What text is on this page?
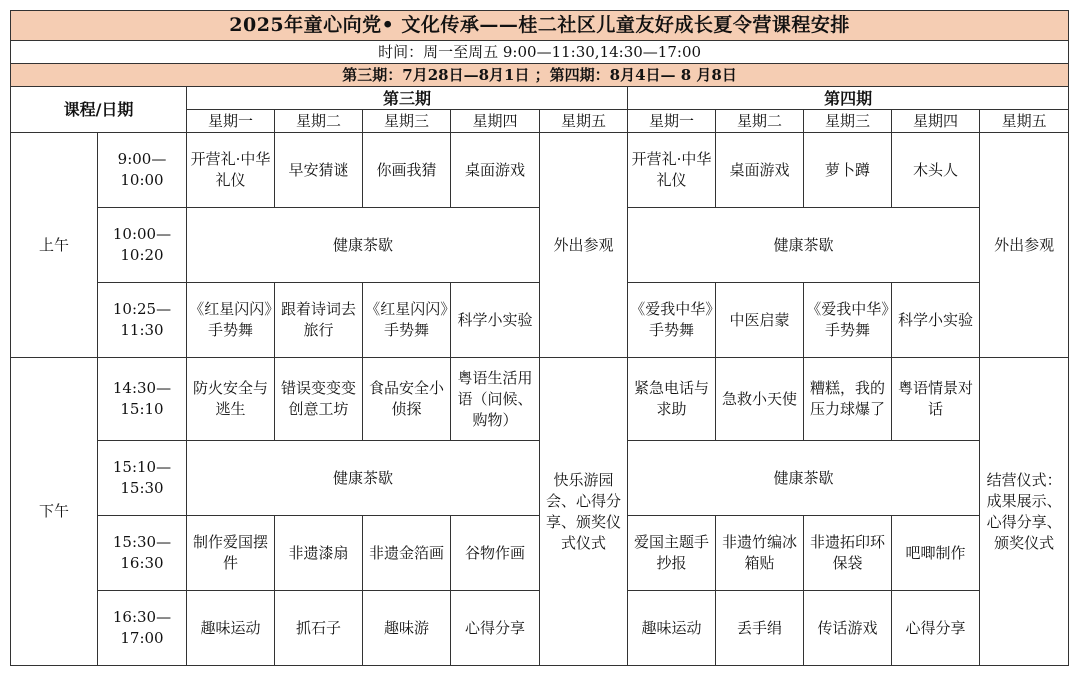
2025年童心向党• 文化传承——桂二社区儿童友好成长夏令营课程安排											
时间：周一至周五 9:00—11:30,14:30—17:00											
第三期：7月28日—8月1日 ；第四期：8月4日— 8 月8日											
课程/日期		第三期					第四期				
		星期一	星期二	星期三	星期四	星期五	星期一	星期二	星期三	星期四	星期五
上午	9:00—10:00	开营礼·中华礼仪	早安猜谜	你画我猜	桌面游戏	外出参观	开营礼·中华礼仪	桌面游戏	萝卜蹲	木头人	外出参观
	10:00—10:20	健康茶歇					健康茶歇				
	10:25—11:30	《红星闪闪》手势舞	跟着诗词去旅行	《红星闪闪》手势舞	科学小实验		《爱我中华》手势舞	中医启蒙	《爱我中华》手势舞	科学小实验	
下午	14:30—15:10	防火安全与逃生	错误变变变创意工坊	食品安全小侦探	粤语生活用语（问候、购物）	快乐游园会、心得分享、颁奖仪式仪式	紧急电话与求助	急救小天使	糟糕，我的压力球爆了	粤语情景对话	结营仪式：成果展示、心得分享、颁奖仪式
	15:10—15:30	健康茶歇					健康茶歇				
	15:30—16:30	制作爱国摆件	非遗漆扇	非遗金箔画	谷物作画		爱国主题手抄报	非遗竹编冰箱贴	非遗拓印环保袋	吧唧制作	
	16:30—17:00	趣味运动	抓石子	趣味游	心得分享		趣味运动	丢手绢	传话游戏	心得分享	
